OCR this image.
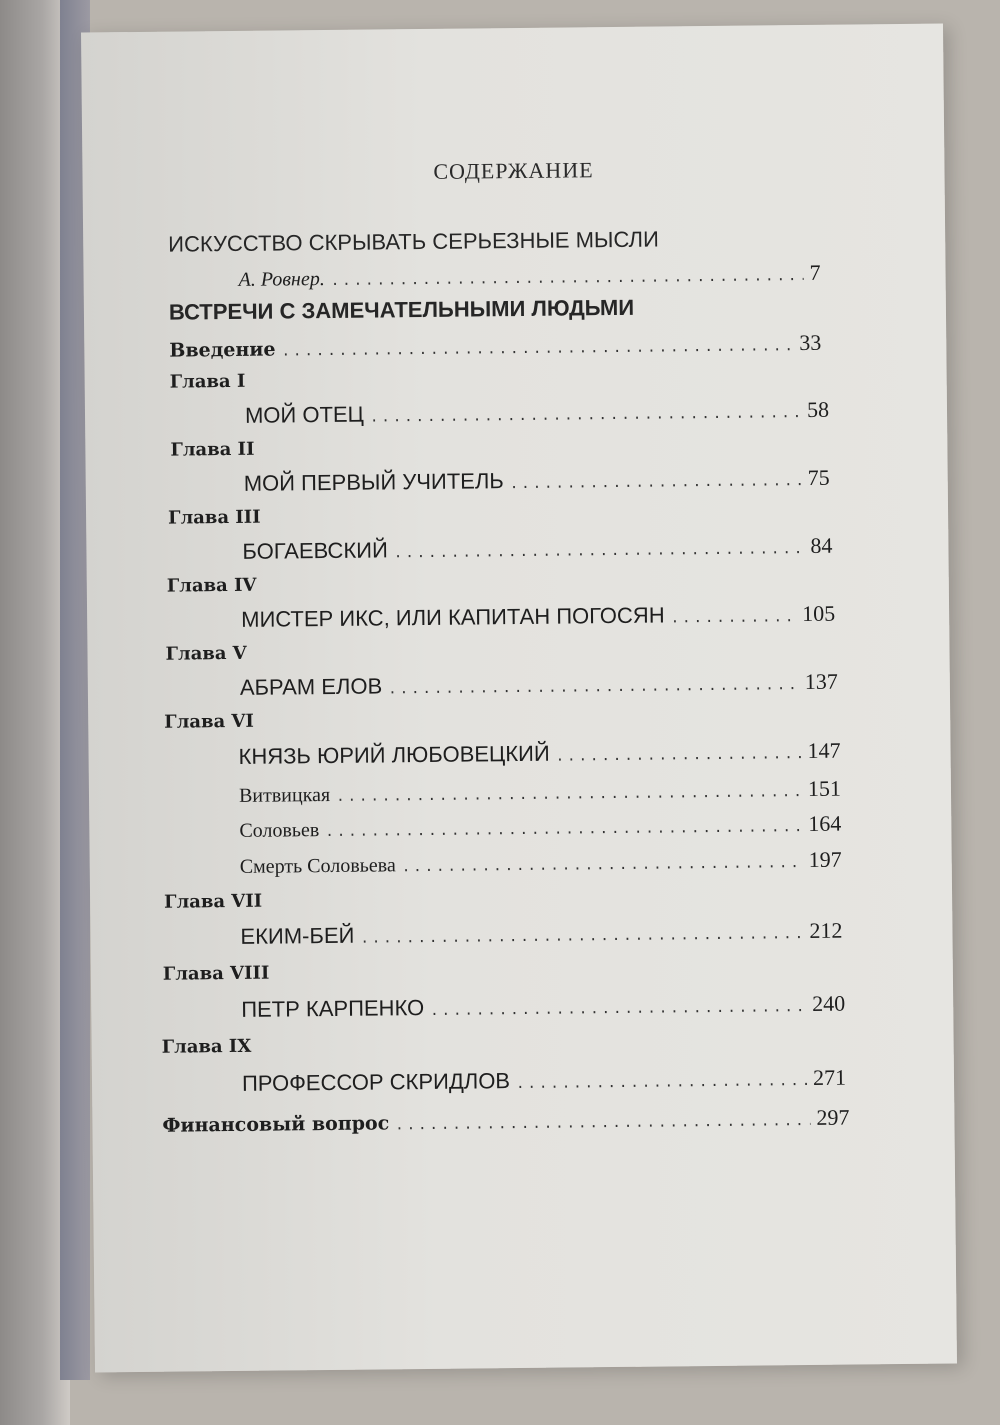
СОДЕРЖАНИЕ
ИСКУССТВО СКРЫВАТЬ СЕРЬЕЗНЫЕ МЫСЛИ
А. Ровнер. .....	7
ВСТРЕЧИ С ЗАМЕЧАТЕЛЬНЫМИ ЛЮДЬМИ
Введение .....	33
Глава I
МОЙ ОТЕЦ .....	58
Глава II
МОЙ ПЕРВЫЙ УЧИТЕЛЬ .....	75
Глава III
БОГАЕВСКИЙ .....	84
Глава IV
МИСТЕР ИКС, ИЛИ КАПИТАН ПОГОСЯН .....	105
Глава V
АБРАМ ЕЛОВ .....	137
Глава VI
КНЯЗЬ ЮРИЙ ЛЮБОВЕЦКИЙ .....	147
Витвицкая .....	151
Соловьев .....	164
Смерть Соловьева .....	197
Глава VII
ЕКИМ-БЕЙ .....	212
Глава VIII
ПЕТР КАРПЕНКО .....	240
Глава IX
ПРОФЕССОР СКРИДЛОВ .....	271
Финансовый вопрос .....	297
